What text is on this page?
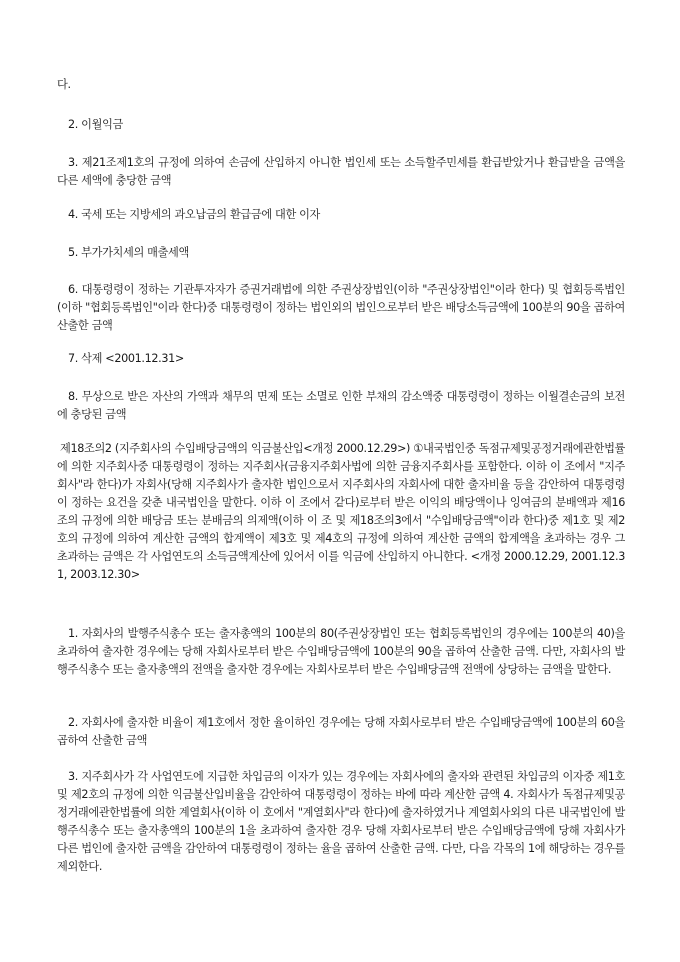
다.

2. 이월익금

3. 제21조제1호의 규정에 의하여 손금에 산입하지 아니한 법인세 또는 소득할주민세를 환급받았거나 환급받을 금액을 다른 세액에 충당한 금액

4. 국세 또는 지방세의 과오납금의 환급금에 대한 이자

5. 부가가치세의 매출세액

6. 대통령령이 정하는 기관투자자가 증권거래법에 의한 주권상장법인(이하 "주권상장법인"이라 한다) 및 협회등록법인(이하 "협회등록법인"이라 한다)중 대통령령이 정하는 법인외의 법인으로부터 받은 배당소득금액에 100분의 90을 곱하여 산출한 금액

7. 삭제 <2001.12.31>

8. 무상으로 받은 자산의 가액과 채무의 면제 또는 소멸로 인한 부채의 감소액중 대통령령이 정하는 이월결손금의 보전에 충당된 금액

제18조의2 (지주회사의 수입배당금액의 익금불산입<개정 2000.12.29>) ①내국법인중 독점규제및공정거래에관한법률에 의한 지주회사중 대통령령이 정하는 지주회사(금융지주회사법에 의한 금융지주회사를 포함한다. 이하 이 조에서 "지주회사"라 한다)가 자회사(당해 지주회사가 출자한 법인으로서 지주회사의 자회사에 대한 출자비율 등을 감안하여 대통령령이 정하는 요건을 갖춘 내국법인을 말한다. 이하 이 조에서 같다)로부터 받은 이익의 배당액이나 잉여금의 분배액과 제16조의 규정에 의한 배당금 또는 분배금의 의제액(이하 이 조 및 제18조의3에서 "수입배당금액"이라 한다)중 제1호 및 제2호의 규정에 의하여 계산한 금액의 합계액이 제3호 및 제4호의 규정에 의하여 계산한 금액의 합계액을 초과하는 경우 그 초과하는 금액은 각 사업연도의 소득금액계산에 있어서 이를 익금에 산입하지 아니한다. <개정 2000.12.29, 2001.12.31, 2003.12.30>

1. 자회사의 발행주식총수 또는 출자총액의 100분의 80(주권상장법인 또는 협회등록법인의 경우에는 100분의 40)을 초과하여 출자한 경우에는 당해 자회사로부터 받은 수입배당금액에 100분의 90을 곱하여 산출한 금액. 다만, 자회사의 발행주식총수 또는 출자총액의 전액을 출자한 경우에는 자회사로부터 받은 수입배당금액 전액에 상당하는 금액을 말한다.

2. 자회사에 출자한 비율이 제1호에서 정한 율이하인 경우에는 당해 자회사로부터 받은 수입배당금액에 100분의 60을 곱하여 산출한 금액

3. 지주회사가 각 사업연도에 지급한 차입금의 이자가 있는 경우에는 자회사에의 출자와 관련된 차입금의 이자중 제1호 및 제2호의 규정에 의한 익금불산입비율을 감안하여 대통령령이 정하는 바에 따라 계산한 금액 4. 자회사가 독점규제및공정거래에관한법률에 의한 계열회사(이하 이 호에서 "계열회사"라 한다)에 출자하였거나 계열회사외의 다른 내국법인에 발행주식총수 또는 출자총액의 100분의 1을 초과하여 출자한 경우 당해 자회사로부터 받은 수입배당금액에 당해 자회사가 다른 법인에 출자한 금액을 감안하여 대통령령이 정하는 율을 곱하여 산출한 금액. 다만, 다음 각목의 1에 해당하는 경우를 제외한다.
